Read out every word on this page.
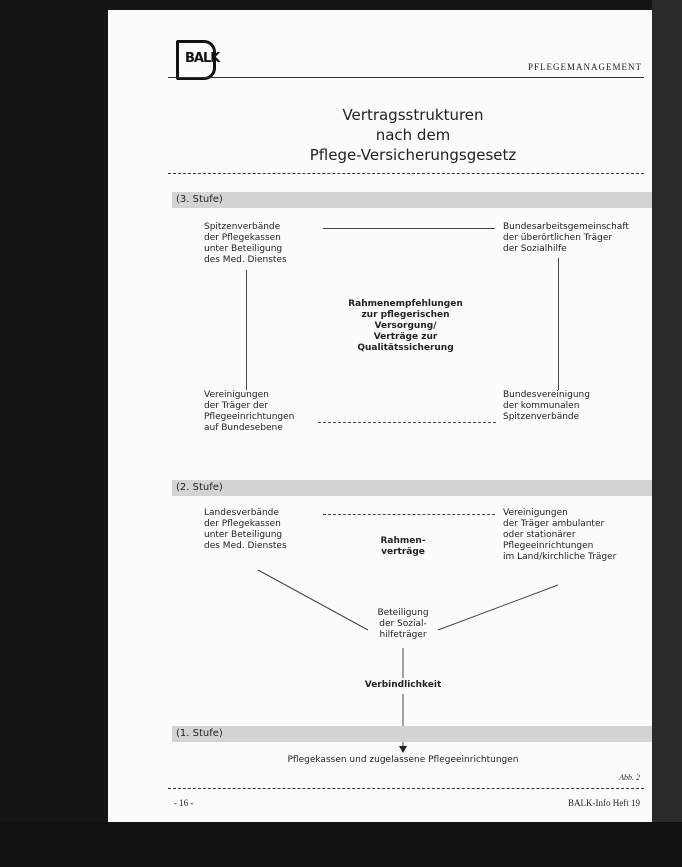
BALK
PFLEGEMANAGEMENT
Vertragsstrukturen
nach dem
Pflege-Versicherungsgesetz
(3. Stufe)
Spitzenverbände
der Pflegekassen
unter Beteiligung
des Med. Dienstes
Bundesarbeitsgemeinschaft
der überörtlichen Träger
der Sozialhilfe
Rahmenempfehlungen
zur pflegerischen
Versorgung/
Verträge zur
Qualitätssicherung
Vereinigungen
der Träger der
Pflegeeinrichtungen
auf Bundesebene
Bundesvereinigung
der kommunalen
Spitzenverbände
(2. Stufe)
Landesverbände
der Pflegekassen
unter Beteiligung
des Med. Dienstes
Vereinigungen
der Träger ambulanter
oder stationärer
Pflegeeinrichtungen
im Land/kirchliche Träger
Rahmen-
verträge
Beteiligung
der Sozial-
hilfeträger
Verbindlichkeit
(1. Stufe)
Pflegekassen und zugelassene Pflegeeinrichtungen
Abb. 2
- 16 -	BALK-Info Heft 19
